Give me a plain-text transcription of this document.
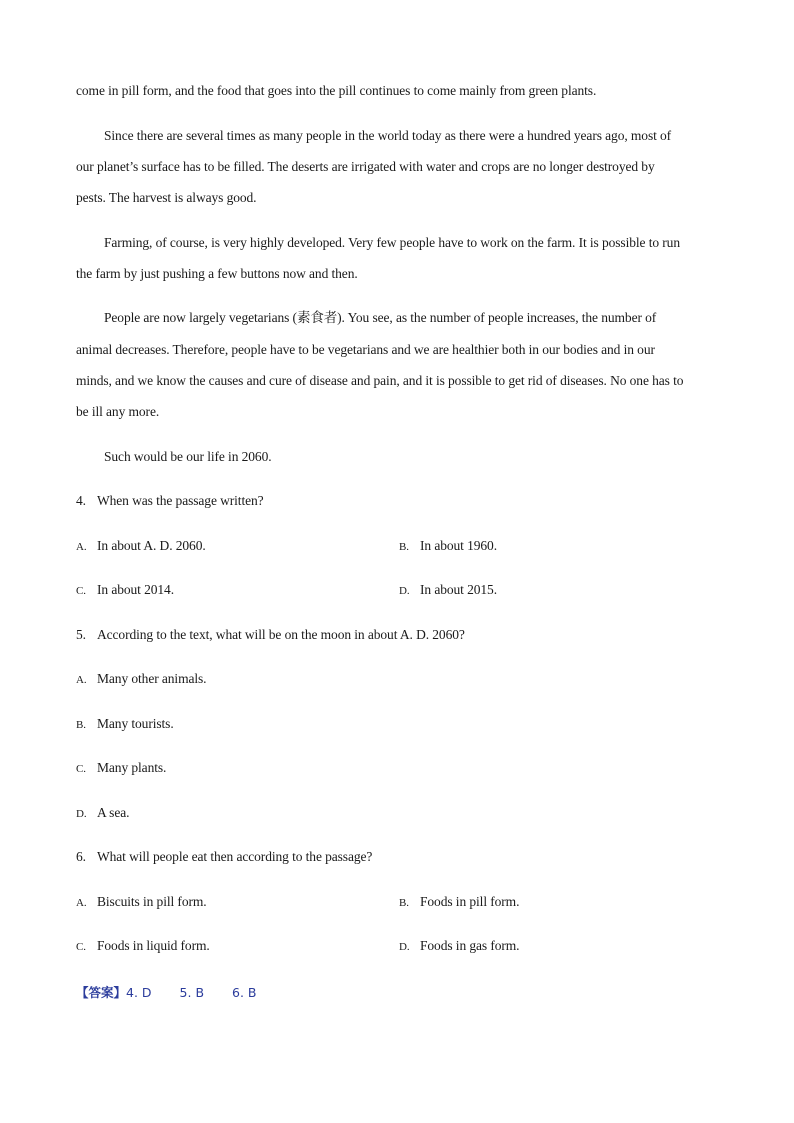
come in pill form, and the food that goes into the pill continues to come mainly from green plants.
Since there are several times as many people in the world today as there were a hundred years ago, most of
our planet’s surface has to be filled. The deserts are irrigated with water and crops are no longer destroyed by
pests. The harvest is always good.
Farming, of course, is very highly developed. Very few people have to work on the farm. It is possible to run
the farm by just pushing a few buttons now and then.
People are now largely vegetarians (素食者). You see, as the number of people increases, the number of
animal decreases. Therefore, people have to be vegetarians and we are healthier both in our bodies and in our
minds, and we know the causes and cure of disease and pain, and it is possible to get rid of diseases. No one has to
be ill any more.
Such would be our life in 2060.
4. When was the passage written?
A. In about A. D. 2060.	B. In about 1960.
C. In about 2014.	D. In about 2015.
5. According to the text, what will be on the moon in about A. D. 2060?
A. Many other animals.
B. Many tourists.
C. Many plants.
D. A sea.
6. What will people eat then according to the passage?
A. Biscuits in pill form.	B. Foods in pill form.
C. Foods in liquid form.	D. Foods in gas form.
【答案】4. D 5. B 6. B
